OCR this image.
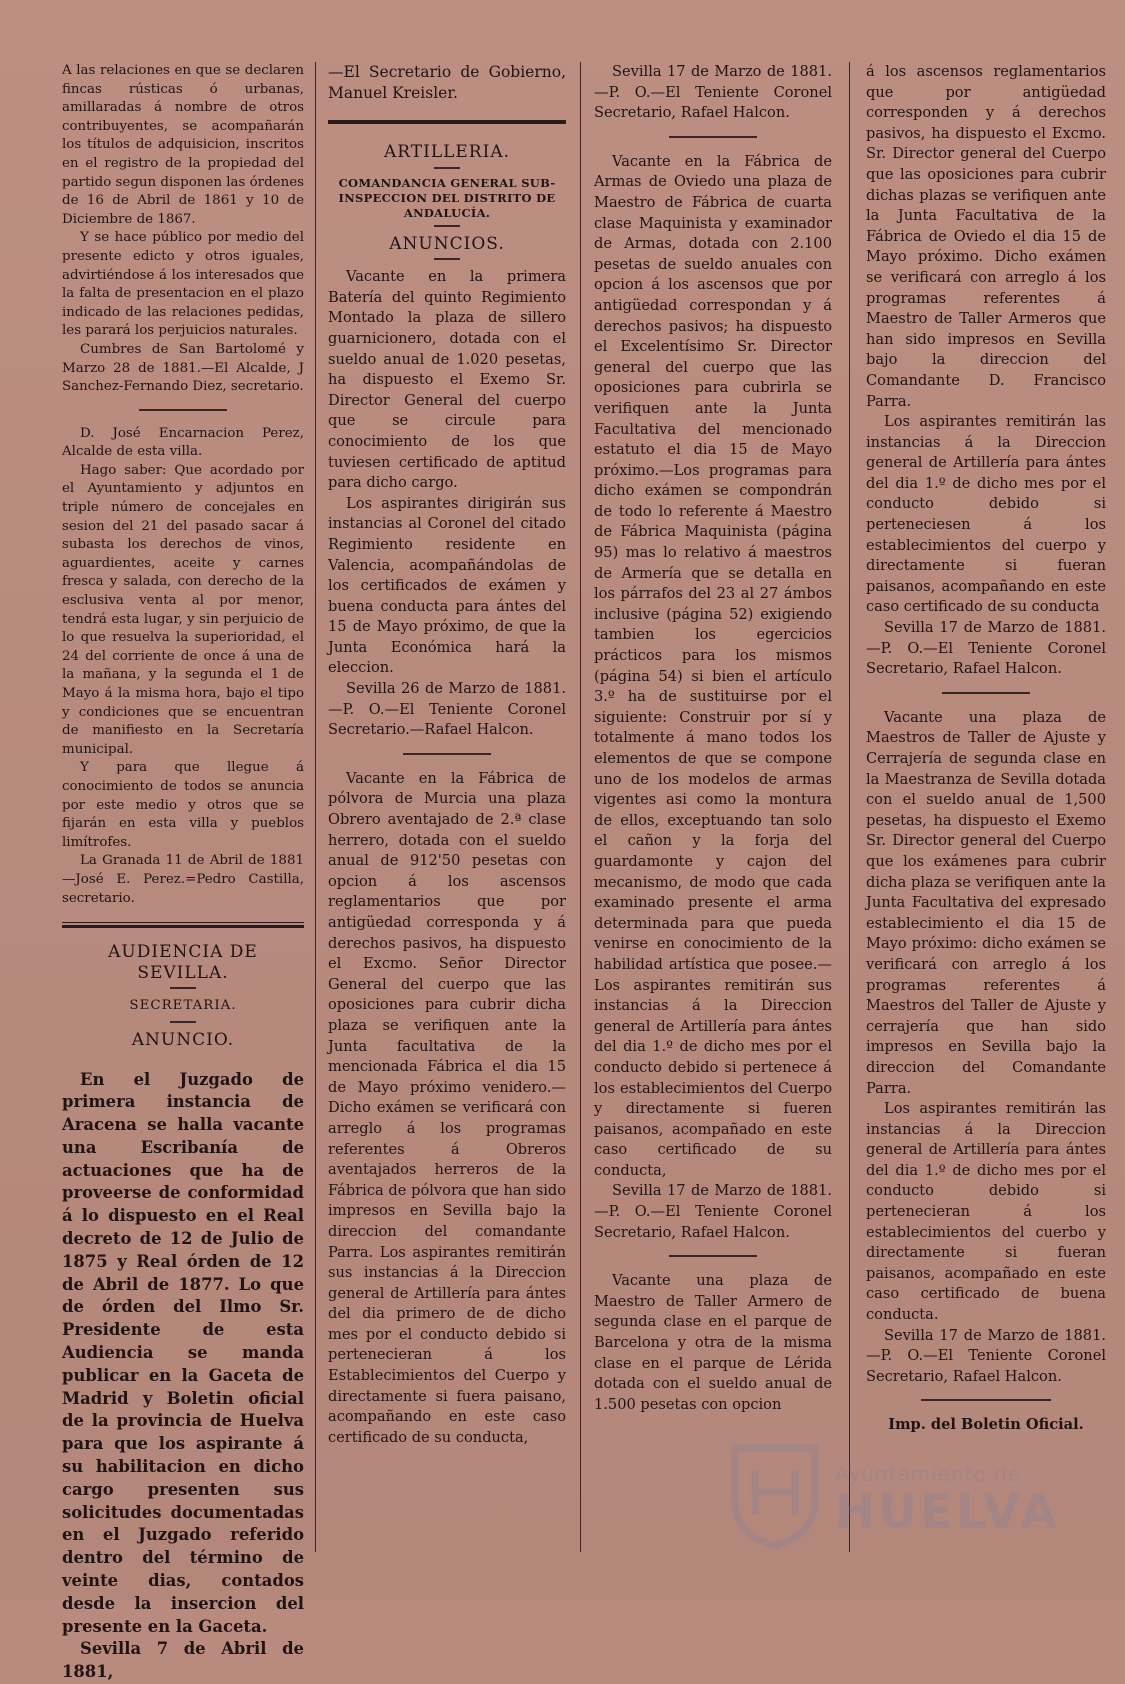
A las relaciones en que se declaren fincas rústicas ó urbanas, amillaradas á nombre de otros contribuyentes, se acompañarán los títulos de adquisicion, inscritos en el registro de la propiedad del partido segun disponen las órdenes de 16 de Abril de 1861 y 10 de Diciembre de 1867.

Y se hace público por medio del presente edicto y otros iguales, advirtiéndose á los interesados que la falta de presentacion en el plazo indicado de las relaciones pedidas, les parará los perjuicios naturales.

Cumbres de San Bartolomé y Marzo 28 de 1881.—El Alcalde, J Sanchez-Fernando Diez, secretario.

D. José Encarnacion Perez, Alcalde de esta villa.

Hago saber: Que acordado por el Ayuntamiento y adjuntos en triple número de concejales en sesion del 21 del pasado sacar á subasta los derechos de vinos, aguardientes, aceite y carnes fresca y salada, con derecho de la esclusiva venta al por menor, tendrá esta lugar, y sin perjuicio de lo que resuelva la superioridad, el 24 del corriente de once á una de la mañana, y la segunda el 1 de Mayo á la misma hora, bajo el tipo y condiciones que se encuentran de manifiesto en la Secretaría municipal.

Y para que llegue á conocimiento de todos se anuncia por este medio y otros que se fijarán en esta villa y pueblos limítrofes.

La Granada 11 de Abril de 1881 —José E. Perez.=Pedro Castilla, secretario.

AUDIENCIA DE SEVILLA.
SECRETARIA.
ANUNCIO.

En el Juzgado de primera instancia de Aracena se halla vacante una Escribanía de actuaciones que ha de proveerse de conformidad á lo dispuesto en el Real decreto de 12 de Julio de 1875 y Real órden de 12 de Abril de 1877. Lo que de órden del Ilmo Sr. Presidente de esta Audiencia se manda publicar en la Gaceta de Madrid y Boletin oficial de la provincia de Huelva para que los aspirante á su habilitacion en dicho cargo presenten sus solicitudes documentadas en el Juzgado referido dentro del término de veinte dias, contados desde la insercion del presente en la Gaceta.

Sevilla 7 de Abril de 1881,

—El Secretario de Gobierno, Manuel Kreisler.

ARTILLERIA.
COMANDANCIA GENERAL SUB-INSPECCION DEL DISTRITO DE ANDALUCÍA.
ANUNCIOS.

Vacante en la primera Batería del quinto Regimiento Montado la plaza de sillero guarnicionero, dotada con el sueldo anual de 1.020 pesetas, ha dispuesto el Exemo Sr. Director General del cuerpo que se circule para conocimiento de los que tuviesen certificado de aptitud para dicho cargo.

Los aspirantes dirigirán sus instancias al Coronel del citado Regimiento residente en Valencia, acompañándolas de los certificados de exámen y buena conducta para ántes del 15 de Mayo próximo, de que la Junta Económica hará la eleccion.

Sevilla 26 de Marzo de 1881.—P. O.—El Teniente Coronel Secretario.—Rafael Halcon.

Vacante en la Fábrica de pólvora de Murcia una plaza Obrero aventajado de 2.ª clase herrero, dotada con el sueldo anual de 912'50 pesetas con opcion á los ascensos reglamentarios que por antigüedad corresponda y á derechos pasivos, ha dispuesto el Excmo. Señor Director General del cuerpo que las oposiciones para cubrir dicha plaza se verifiquen ante la Junta facultativa de la mencionada Fábrica el dia 15 de Mayo próximo venidero.—Dicho exámen se verificará con arreglo á los programas referentes á Obreros aventajados herreros de la Fábrica de pólvora que han sido impresos en Sevilla bajo la direccion del comandante Parra. Los aspirantes remitirán sus instancias á la Direccion general de Artillería para ántes del dia primero de de dicho mes por el conducto debido si pertenecieran á los Establecimientos del Cuerpo y directamente si fuera paisano, acompañando en este caso certificado de su conducta,

Sevilla 17 de Marzo de 1881.—P. O.—El Teniente Coronel Secretario, Rafael Halcon.

Vacante en la Fábrica de Armas de Oviedo una plaza de Maestro de Fábrica de cuarta clase Maquinista y examinador de Armas, dotada con 2.100 pesetas de sueldo anuales con opcion á los ascensos que por antigüedad correspondan y á derechos pasivos; ha dispuesto el Excelentísimo Sr. Director general del cuerpo que las oposiciones para cubrirla se verifiquen ante la Junta Facultativa del mencionado estatuto el dia 15 de Mayo próximo.—Los programas para dicho exámen se compondrán de todo lo referente á Maestro de Fábrica Maquinista (página 95) mas lo relativo á maestros de Armería que se detalla en los párrafos del 23 al 27 ámbos inclusive (página 52) exigiendo tambien los egercicios prácticos para los mismos (página 54) si bien el artículo 3.º ha de sustituirse por el siguiente: Construir por sí y totalmente á mano todos los elementos de que se compone uno de los modelos de armas vigentes asi como la montura de ellos, exceptuando tan solo el cañon y la forja del guardamonte y cajon del mecanismo, de modo que cada examinado presente el arma determinada para que pueda venirse en conocimiento de la habilidad artística que posee.—Los aspirantes remitirán sus instancias á la Direccion general de Artillería para ántes del dia 1.º de dicho mes por el conducto debido si pertenece á los establecimientos del Cuerpo y directamente si fueren paisanos, acompañado en este caso certificado de su conducta,

Sevilla 17 de Marzo de 1881.—P. O.—El Teniente Coronel Secretario, Rafael Halcon.

Vacante una plaza de Maestro de Taller Armero de segunda clase en el parque de Barcelona y otra de la misma clase en el parque de Lérida dotada con el sueldo anual de 1.500 pesetas con opcion

á los ascensos reglamentarios que por antigüedad corresponden y á derechos pasivos, ha dispuesto el Excmo. Sr. Director general del Cuerpo que las oposiciones para cubrir dichas plazas se verifiquen ante la Junta Facultativa de la Fábrica de Oviedo el dia 15 de Mayo próximo. Dicho exámen se verificará con arreglo á los programas referentes á Maestro de Taller Armeros que han sido impresos en Sevilla bajo la direccion del Comandante D. Francisco Parra.

Los aspirantes remitirán las instancias á la Direccion general de Artillería para ántes del dia 1.º de dicho mes por el conducto debido si perteneciesen á los establecimientos del cuerpo y directamente si fueran paisanos, acompañando en este caso certificado de su conducta

Sevilla 17 de Marzo de 1881.—P. O.—El Teniente Coronel Secretario, Rafael Halcon.

Vacante una plaza de Maestros de Taller de Ajuste y Cerrajería de segunda clase en la Maestranza de Sevilla dotada con el sueldo anual de 1,500 pesetas, ha dispuesto el Exemo Sr. Director general del Cuerpo que los exámenes para cubrir dicha plaza se verifiquen ante la Junta Facultativa del expresado establecimiento el dia 15 de Mayo próximo: dicho exámen se verificará con arreglo á los programas referentes á Maestros del Taller de Ajuste y cerrajería que han sido impresos en Sevilla bajo la direccion del Comandante Parra.

Los aspirantes remitirán las instancias á la Direccion general de Artillería para ántes del dia 1.º de dicho mes por el conducto debido si pertenecieran á los establecimientos del cuerbo y directamente si fueran paisanos, acompañado en este caso certificado de buena conducta.

Sevilla 17 de Marzo de 1881.—P. O.—El Teniente Coronel Secretario, Rafael Halcon.

Imp. del Boletin Oficial.
Ayuntamiento de
HUELVA
